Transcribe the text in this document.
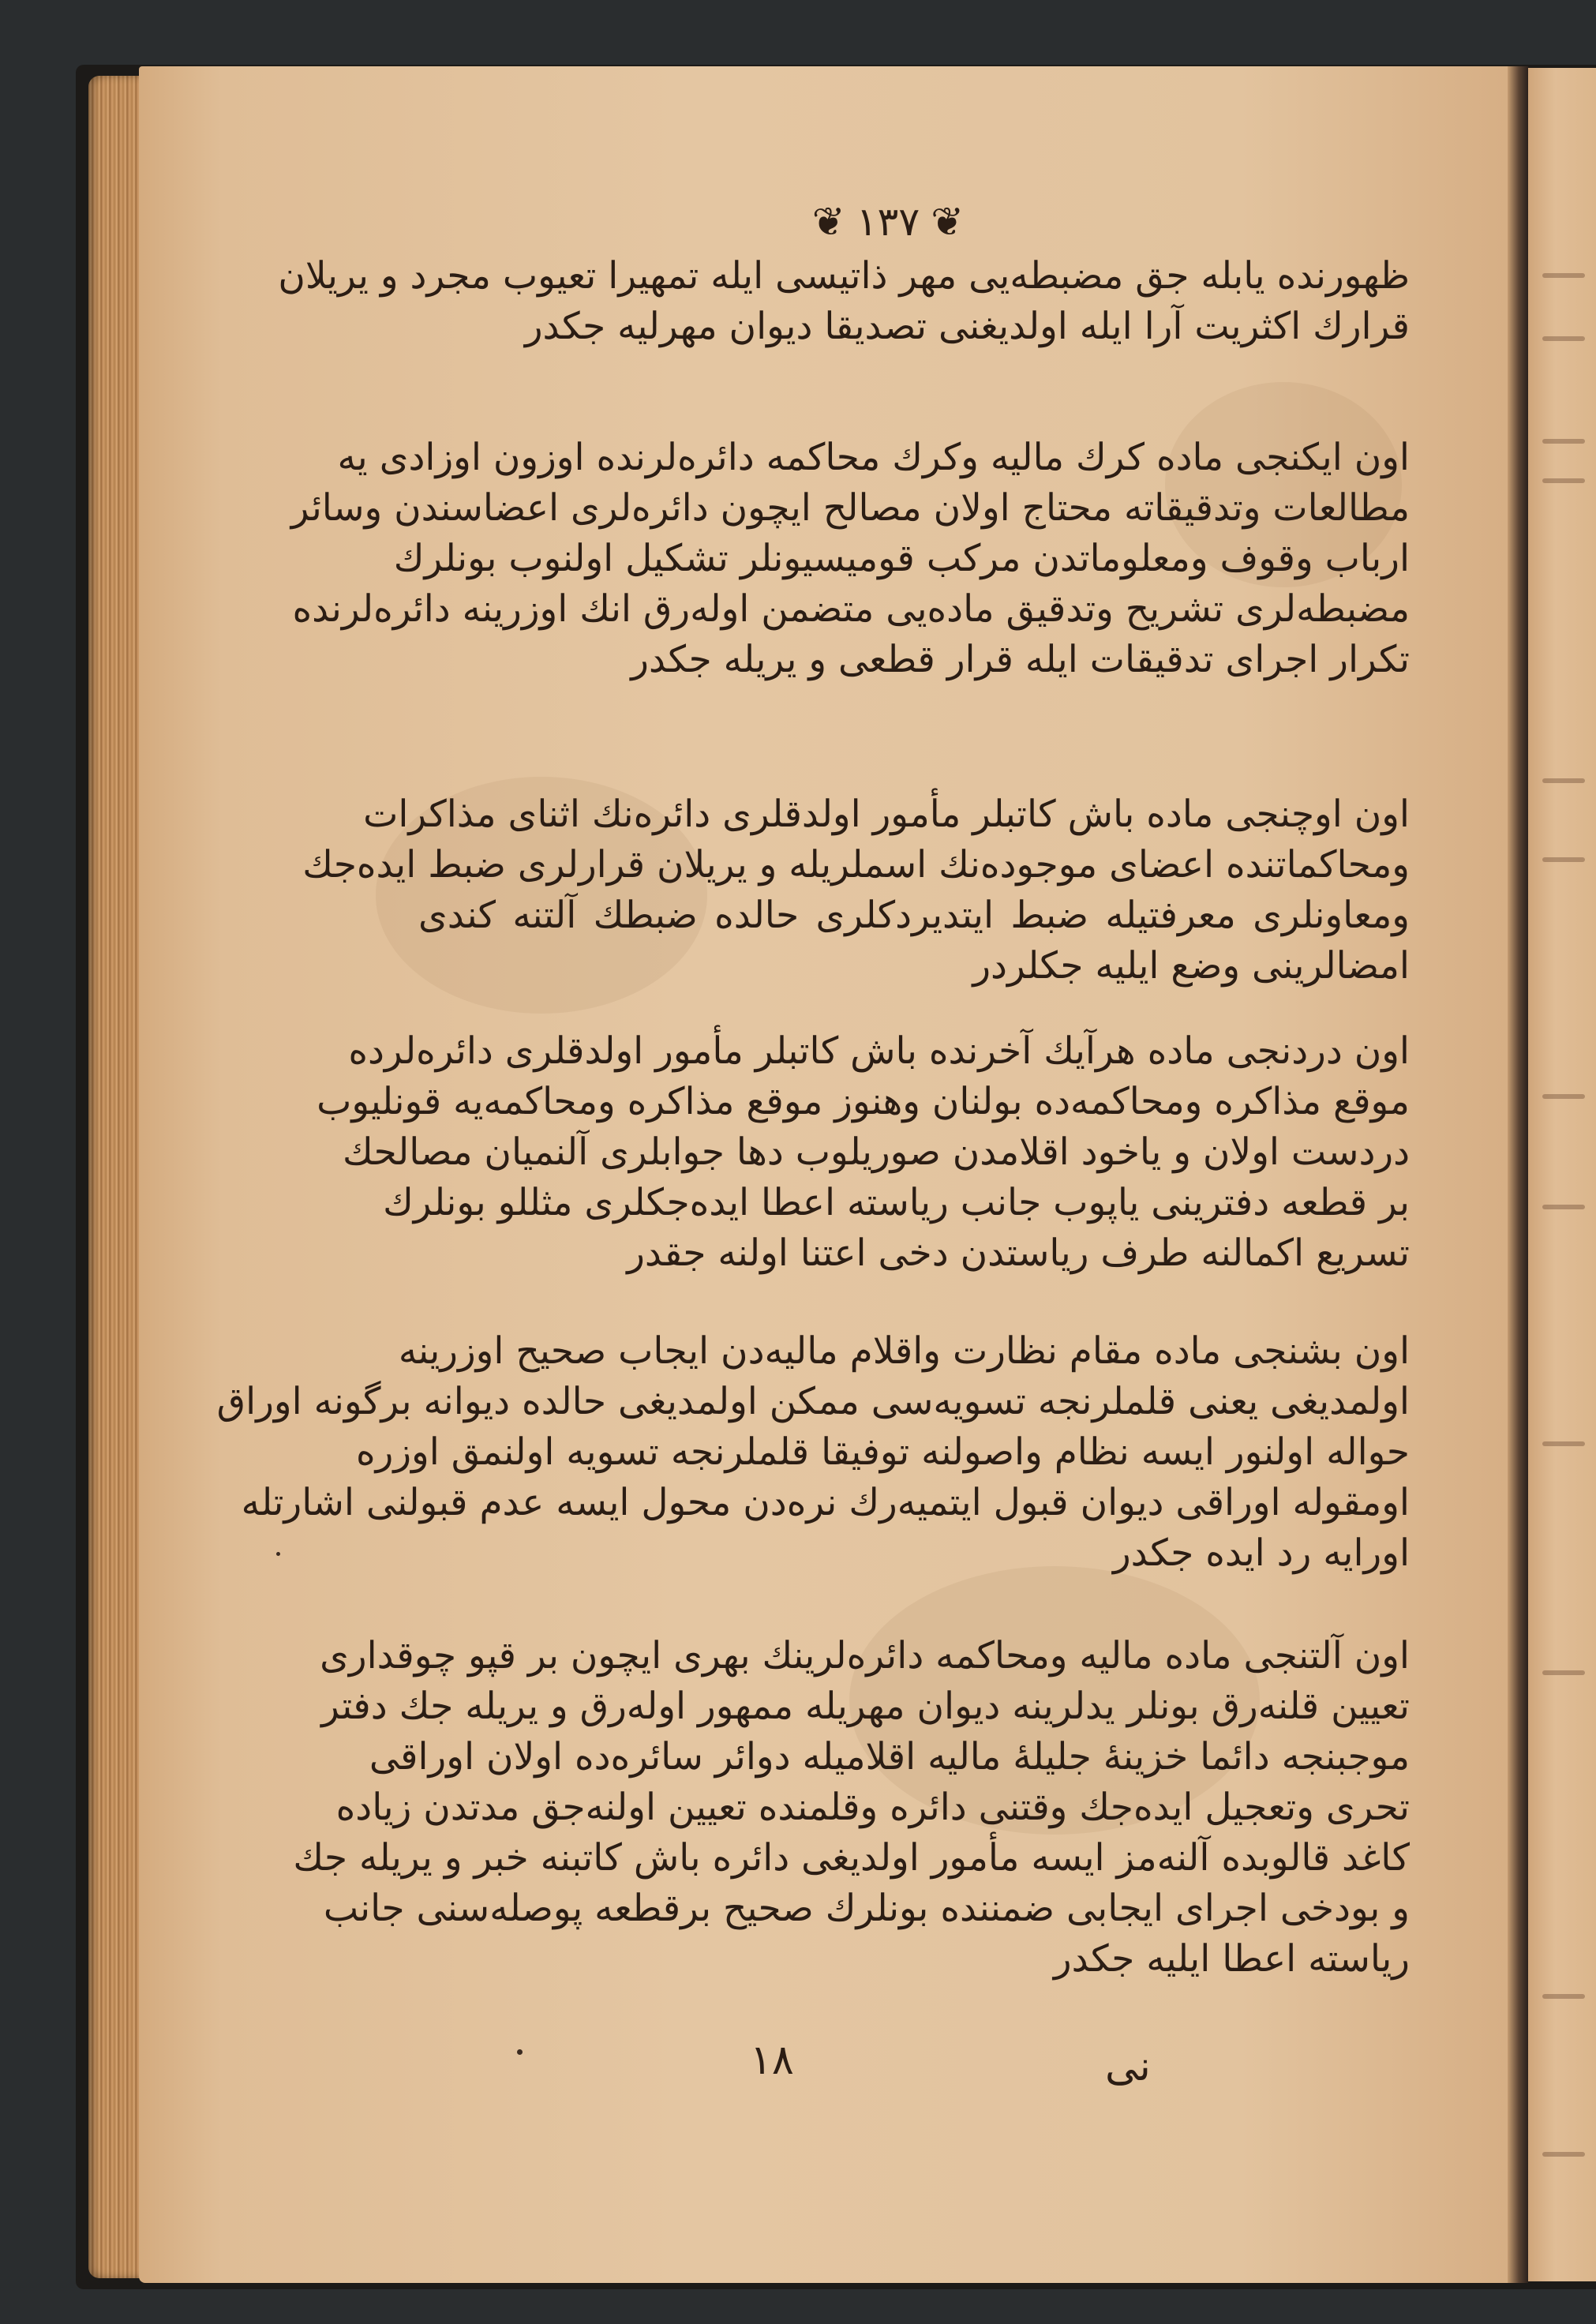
❦ ١٣٧ ❦

ظهورنده یابله جق مضبطه‌یی مهر ذاتیسی ایله تمهیرا تعیوب مجرد و یریلان

قرارك اکثریت آرا ایله اولدیغنی تصدیقا دیوان مهرلیه جکدر

اون ایکنجی ماده کرك مالیه وکرك محاکمه دائره‌لرنده اوزون اوزادی یه

مطالعات وتدقیقاته محتاج اولان مصالح ایچون دائره‌لری اعضاسندن وسائر

ارباب وقوف ومعلوماتدن مرکب قومیسیونلر تشکیل اولنوب بونلرك

مضبطه‌لری تشریح وتدقیق ماده‌یی متضمن اوله‌رق انك اوزرینه دائره‌لرنده

تکرار اجرای تدقیقات ایله قرار قطعی و یریله جکدر

اون اوچنجی ماده باش کاتبلر مأمور اولدقلری دائره‌نك اثنای مذاکرات

ومحاکماتنده اعضای موجوده‌نك اسملریله و یریلان قرارلری ضبط ایده‌جك

ومعاونلری معرفتیله ضبط ایتدیردکلری حالده ضبطك آلتنه کندی

امضالرینی وضع ایلیه جکلردر

اون دردنجی ماده هرآیك آخرنده باش کاتبلر مأمور اولدقلری دائره‌لرده

موقع مذاکره ومحاکمه‌ده بولنان وهنوز موقع مذاکره ومحاکمه‌یه قونلیوب

دردست اولان و یاخود اقلامدن صوریلوب دها جوابلری آلنمیان مصالحك

بر قطعه دفترینی یاپوب جانب ریاسته اعطا ایده‌جکلری مثللو بونلرك

تسریع اکمالنه طرف ریاستدن دخی اعتنا اولنه جقدر

اون بشنجی ماده مقام نظارت واقلام مالیه‌دن ایجاب صحیح اوزرینه

اولمدیغی یعنی قلملرنجه تسویه‌سی ممکن اولمدیغی حالده دیوانه برگونه اوراق

حواله اولنور ایسه نظام واصولنه توفیقا قلملرنجه تسویه اولنمق اوزره

اومقوله اوراقی دیوان قبول ایتمیه‌رك نره‌دن محول ایسه عدم قبولنی اشارتله

اورایه رد ایده جکدر

اون آلتنجی ماده مالیه ومحاکمه دائره‌لرینك بهری ایچون بر قپو چوقداری

تعیین قلنه‌رق بونلر یدلرینه دیوان مهریله ممهور اوله‌رق و یریله جك دفتر

موجبنجه دائما خزینهٔ جلیله‌ٔ مالیه اقلامیله دوائر سائره‌ده اولان اوراقی

تحری وتعجیل ایده‌جك وقتنی دائره وقلمنده تعیین اولنه‌جق مدتدن زیاده

کاغد قالوبده آلنه‌مز ایسه مأمور اولدیغی دائره باش کاتبنه خبر و یریله جك

و بودخی اجرای ایجابی ضمننده بونلرك صحیح برقطعه پوصله‌سنی جانب

ریاسته اعطا ایلیه جکدر

١٨	نی
